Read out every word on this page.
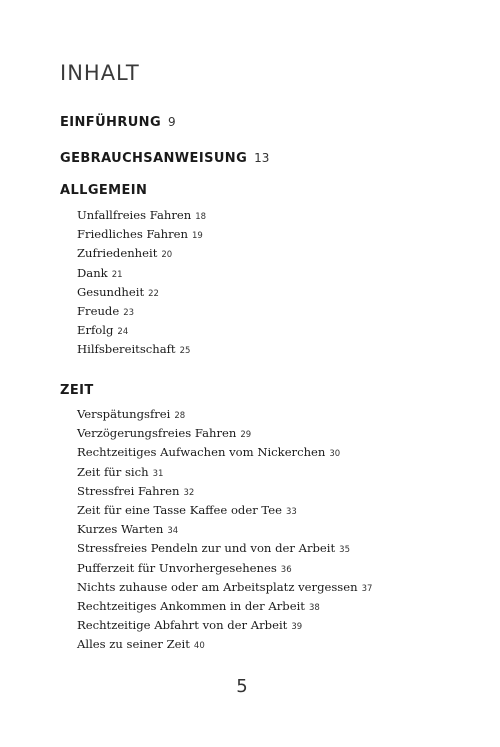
INHALT
EINFÜHRUNG 9
GEBRAUCHSANWEISUNG 13
ALLGEMEIN
Unfallfreies Fahren 18
Friedliches Fahren 19
Zufriedenheit 20
Dank 21
Gesundheit 22
Freude 23
Erfolg 24
Hilfsbereitschaft 25
ZEIT
Verspätungsfrei 28
Verzögerungsfreies Fahren 29
Rechtzeitiges Aufwachen vom Nickerchen 30
Zeit für sich 31
Stressfrei Fahren 32
Zeit für eine Tasse Kaffee oder Tee 33
Kurzes Warten 34
Stressfreies Pendeln zur und von der Arbeit 35
Pufferzeit für Unvorhergesehenes 36
Nichts zuhause oder am Arbeitsplatz vergessen 37
Rechtzeitiges Ankommen in der Arbeit 38
Rechtzeitige Abfahrt von der Arbeit 39
Alles zu seiner Zeit 40
5
